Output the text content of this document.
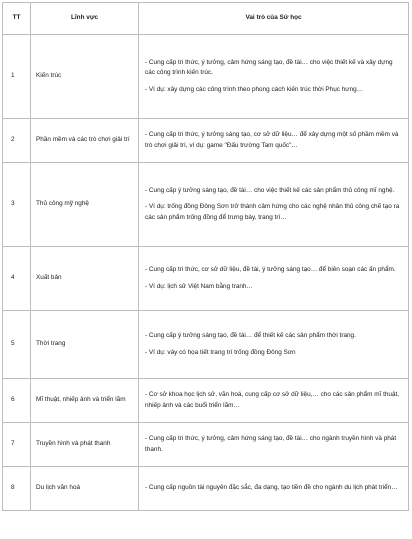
TT	Lĩnh vực	Vai trò của Sử học
1	Kiến trúc	- Cung cấp tri thức, ý tưởng, cảm hứng sáng tạo, đề tài… cho việc thiết kế và xây dựng các công trình kiến trúc.

- Ví dụ: xây dựng các công trình theo phong cách kiến trúc thời Phục hưng…

2	Phần mềm và các trò chơi giải trí	- Cung cấp tri thức, ý tưởng sáng tạo, cơ sở dữ liệu… để xây dựng một số phầm mềm và trò chơi giải trí, ví dụ: game "Đấu trường Tam quốc"…

3	Thủ công mỹ nghệ	- Cung cấp ý tưởng sáng tạo, đề tài… cho việc thiết kế các sản phẩm thủ công mĩ nghệ.

- Ví dụ: trống đồng Đông Sơn trở thành cảm hứng cho các nghệ nhân thủ công chế tạo ra các sản phẩm trống đồng để trưng bày, trang trí…

4	Xuất bản	- Cung cấp tri thức, cơ sở dữ liệu, đề tài, ý tưởng sáng tạo… để biên soạn các ấn phẩm.

- Ví dụ: lịch sử Việt Nam bằng tranh…

5	Thời trang	- Cung cấp ý tưởng sáng tạo, đề tài… để thiết kế các sản phẩm thời trang.

- Ví dụ: váy có họa tiết trang trí trống đồng Đông Sơn

6	Mĩ thuật, nhiếp ảnh và triển lãm	- Cơ sở khoa học lịch sử, văn hoá, cung cấp cơ sở dữ liệu,… cho các sản phẩm mĩ thuật, nhiếp ảnh và các buổi triển lãm…

7	Truyền hình và phát thanh	- Cung cấp tri thức, ý tưởng, cảm hứng sáng tạo, đề tài… cho ngành truyền hình và phát thanh.

8	Du lịch văn hoá	- Cung cấp nguồn tài nguyên đặc sắc, đa dạng, tạo tiền đề cho ngành du lịch phát triển…
